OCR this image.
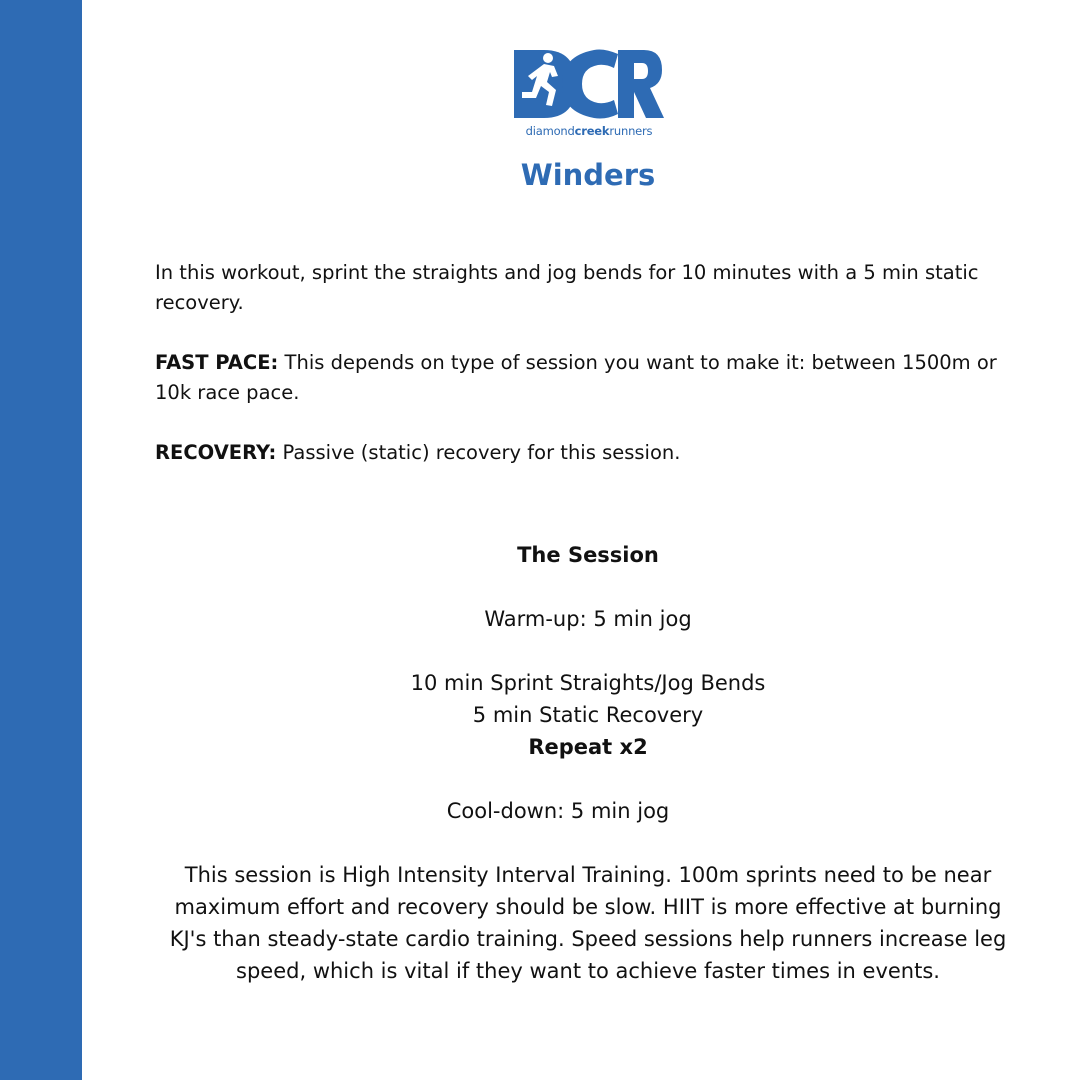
diamondcreekrunners
Winders

In this workout, sprint the straights and jog bends for 10 minutes with a 5 min static recovery.

FAST PACE: This depends on type of session you want to make it: between 1500m or 10k race pace.

RECOVERY: Passive (static) recovery for this session.

The Session
Warm-up: 5 min jog
10 min Sprint Straights/Jog Bends
5 min Static Recovery
Repeat x2
Cool-down: 5 min jog
This session is High Intensity Interval Training. 100m sprints need to be near
maximum effort and recovery should be slow. HIIT is more effective at burning
KJ's than steady-state cardio training. Speed sessions help runners increase leg
speed, which is vital if they want to achieve faster times in events.
